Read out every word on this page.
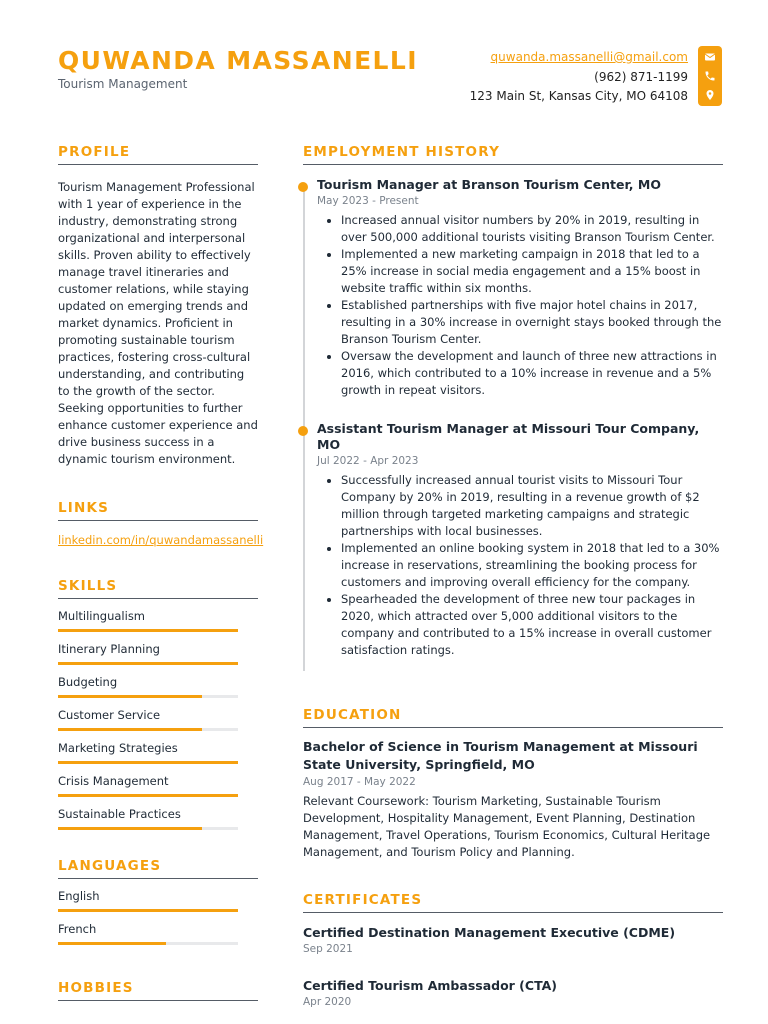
QUWANDA MASSANELLI
Tourism Management
quwanda.massanelli@gmail.com
(962) 871-1199
123 Main St, Kansas City, MO 64108
PROFILE

Tourism Management Professional with 1 year of experience in the industry, demonstrating strong organizational and interpersonal skills. Proven ability to effectively manage travel itineraries and customer relations, while staying updated on emerging trends and market dynamics. Proficient in promoting sustainable tourism practices, fostering cross-cultural understanding, and contributing to the growth of the sector. Seeking opportunities to further enhance customer experience and drive business success in a dynamic tourism environment.

LINKS
linkedin.com/in/quwandamassanelli
SKILLS
Multilingualism
Itinerary Planning
Budgeting
Customer Service
Marketing Strategies
Crisis Management
Sustainable Practices
LANGUAGES
English
French
HOBBIES
EMPLOYMENT HISTORY
Tourism Manager at Branson Tourism Center, MO
May 2023 - Present
• Increased annual visitor numbers by 20% in 2019, resulting in over 500,000 additional tourists visiting Branson Tourism Center.
• Implemented a new marketing campaign in 2018 that led to a 25% increase in social media engagement and a 15% boost in website traffic within six months.
• Established partnerships with five major hotel chains in 2017, resulting in a 30% increase in overnight stays booked through the Branson Tourism Center.
• Oversaw the development and launch of three new attractions in 2016, which contributed to a 10% increase in revenue and a 5% growth in repeat visitors.
Assistant Tourism Manager at Missouri Tour Company, MO
Jul 2022 - Apr 2023
• Successfully increased annual tourist visits to Missouri Tour Company by 20% in 2019, resulting in a revenue growth of $2 million through targeted marketing campaigns and strategic partnerships with local businesses.
• Implemented an online booking system in 2018 that led to a 30% increase in reservations, streamlining the booking process for customers and improving overall efficiency for the company.
• Spearheaded the development of three new tour packages in 2020, which attracted over 5,000 additional visitors to the company and contributed to a 15% increase in overall customer satisfaction ratings.
EDUCATION
Bachelor of Science in Tourism Management at Missouri State University, Springfield, MO
Aug 2017 - May 2022

Relevant Coursework: Tourism Marketing, Sustainable Tourism Development, Hospitality Management, Event Planning, Destination Management, Travel Operations, Tourism Economics, Cultural Heritage Management, and Tourism Policy and Planning.

CERTIFICATES
Certified Destination Management Executive (CDME)
Sep 2021
Certified Tourism Ambassador (CTA)
Apr 2020
